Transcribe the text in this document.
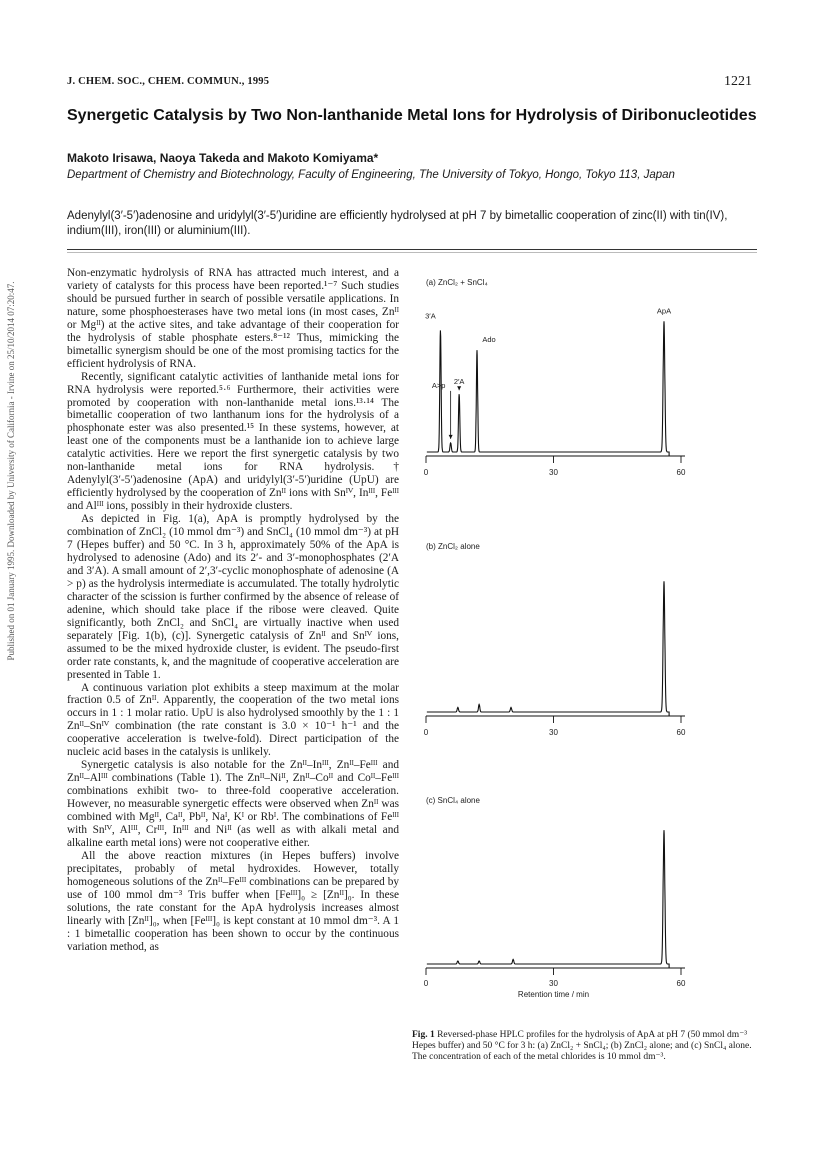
J. CHEM. SOC., CHEM. COMMUN., 1995	1221
Synergetic Catalysis by Two Non-lanthanide Metal Ions for Hydrolysis of Diribonucleotides
Makoto Irisawa, Naoya Takeda and Makoto Komiyama*
Department of Chemistry and Biotechnology, Faculty of Engineering, The University of Tokyo, Hongo, Tokyo 113, Japan
Adenylyl(3′-5′)adenosine and uridylyl(3′-5′)uridine are efficiently hydrolysed at pH 7 by bimetallic cooperation of zinc(II) with tin(IV), indium(III), iron(III) or aluminium(III).
Published on 01 January 1995. Downloaded by University of California - Irvine on 25/10/2014 07:20:47.

Non-enzymatic hydrolysis of RNA has attracted much interest, and a variety of catalysts for this process have been reported.¹⁻⁷ Such studies should be pursued further in search of possible versatile applications. In nature, some phosphoesterases have two metal ions (in most cases, Znᴵᴵ or Mgᴵᴵ) at the active sites, and take advantage of their cooperation for the hydrolysis of stable phosphate esters.⁸⁻¹² Thus, mimicking the bimetallic synergism should be one of the most promising tactics for the efficient hydrolysis of RNA.

Recently, significant catalytic activities of lanthanide metal ions for RNA hydrolysis were reported.⁵·⁶ Furthermore, their activities were promoted by cooperation with non-lanthanide metal ions.¹³·¹⁴ The bimetallic cooperation of two lanthanum ions for the hydrolysis of a phosphonate ester was also presented.¹⁵ In these systems, however, at least one of the components must be a lanthanide ion to achieve large catalytic activities. Here we report the first synergetic catalysis by two non-lanthanide metal ions for RNA hydrolysis.† Adenylyl(3′-5′)adenosine (ApA) and uridylyl(3′-5′)uridine (UpU) are efficiently hydrolysed by the cooperation of Znᴵᴵ ions with Snᴵⱽ, Inᴵᴵᴵ, Feᴵᴵᴵ and Alᴵᴵᴵ ions, possibly in their hydroxide clusters.

As depicted in Fig. 1(a), ApA is promptly hydrolysed by the combination of ZnCl₂ (10 mmol dm⁻³) and SnCl₄ (10 mmol dm⁻³) at pH 7 (Hepes buffer) and 50 °C. In 3 h, approximately 50% of the ApA is hydrolysed to adenosine (Ado) and its 2′- and 3′-monophosphates (2′A and 3′A). A small amount of 2′,3′-cyclic monophosphate of adenosine (A > p) as the hydrolysis intermediate is accumulated. The totally hydrolytic character of the scission is further confirmed by the absence of release of adenine, which should take place if the ribose were cleaved. Quite significantly, both ZnCl₂ and SnCl₄ are virtually inactive when used separately [Fig. 1(b), (c)]. Synergetic catalysis of Znᴵᴵ and Snᴵⱽ ions, assumed to be the mixed hydroxide cluster, is evident. The pseudo-first order rate constants, k, and the magnitude of cooperative acceleration are presented in Table 1.

A continuous variation plot exhibits a steep maximum at the molar fraction 0.5 of Znᴵᴵ. Apparently, the cooperation of the two metal ions occurs in 1 : 1 molar ratio. UpU is also hydrolysed smoothly by the 1 : 1 Znᴵᴵ–Snᴵⱽ combination (the rate constant is 3.0 × 10⁻¹ h⁻¹ and the cooperative acceleration is twelve-fold). Direct participation of the nucleic acid bases in the catalysis is unlikely.

Synergetic catalysis is also notable for the Znᴵᴵ–Inᴵᴵᴵ, Znᴵᴵ–Feᴵᴵᴵ and Znᴵᴵ–Alᴵᴵᴵ combinations (Table 1). The Znᴵᴵ–Niᴵᴵ, Znᴵᴵ–Coᴵᴵ and Coᴵᴵ–Feᴵᴵᴵ combinations exhibit two- to three-fold cooperative acceleration. However, no measurable synergetic effects were observed when Znᴵᴵ was combined with Mgᴵᴵ, Caᴵᴵ, Pbᴵᴵ, Naᴵ, Kᴵ or Rbᴵ. The combinations of Feᴵᴵᴵ with Snᴵⱽ, Alᴵᴵᴵ, Crᴵᴵᴵ, Inᴵᴵᴵ and Niᴵᴵ (as well as with alkali metal and alkaline earth metal ions) were not cooperative either.

All the above reaction mixtures (in Hepes buffers) involve precipitates, probably of metal hydroxides. However, totally homogeneous solutions of the Znᴵᴵ–Feᴵᴵᴵ combinations can be prepared by use of 100 mmol dm⁻³ Tris buffer when [Feᴵᴵᴵ]₀ ≥ [Znᴵᴵ]₀. In these solutions, the rate constant for the ApA hydrolysis increases almost linearly with [Znᴵᴵ]₀, when [Feᴵᴵᴵ]₀ is kept constant at 10 mmol dm⁻³. A 1 : 1 bimetallic cooperation has been shown to occur by the continuous variation method, as

(a) ZnCl₂ + SnCl₄
0	30	60
3′A
A>p 2′A
Ado
ApA
(b) ZnCl₂ alone
0	30	60
(c) SnCl₄ alone
0	30	60
Retention time / min
Fig. 1 Reversed-phase HPLC profiles for the hydrolysis of ApA at pH 7 (50 mmol dm⁻³ Hepes buffer) and 50 °C for 3 h: (a) ZnCl₂ + SnCl₄; (b) ZnCl₂ alone; and (c) SnCl₄ alone. The concentration of each of the metal chlorides is 10 mmol dm⁻³.
